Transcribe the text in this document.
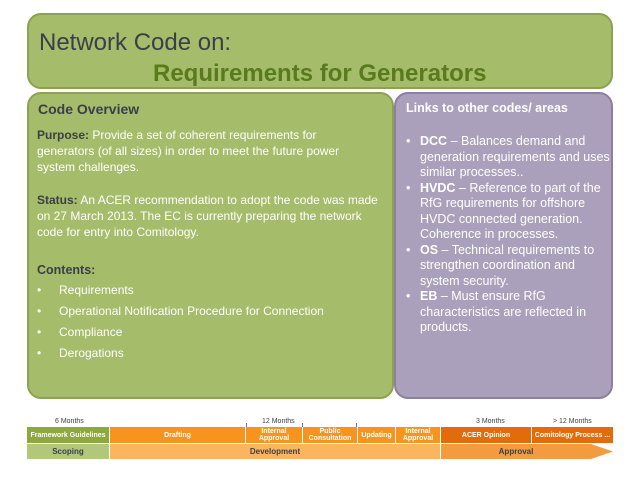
Network Code on:
Requirements for Generators
Code Overview
Purpose: Provide a set of coherent requirements for generators (of all sizes) in order to meet the future power system challenges.
Status: An ACER recommendation to adopt the code was made on 27 March 2013. The EC is currently preparing the network code for entry into Comitology.
Contents:
• Requirements
• Operational Notification Procedure for Connection
• Compliance
• Derogations
Links to other codes/ areas
• DCC – Balances demand and generation requirements and uses similar processes..
• HVDC – Reference to part of the RfG requirements for offshore HVDC connected generation. Coherence in processes.
• OS – Technical requirements to strengthen coordination and system security.
• EB – Must ensure RfG characteristics are reflected in products.
6 Months	12 Months	3 Months	> 12 Months
Framework Guidelines	Drafting	Internal Approval
Public Consultation	Updating	Internal Approval	ACER Opinion	Comitology Process ...
Scoping	Development	Approval
